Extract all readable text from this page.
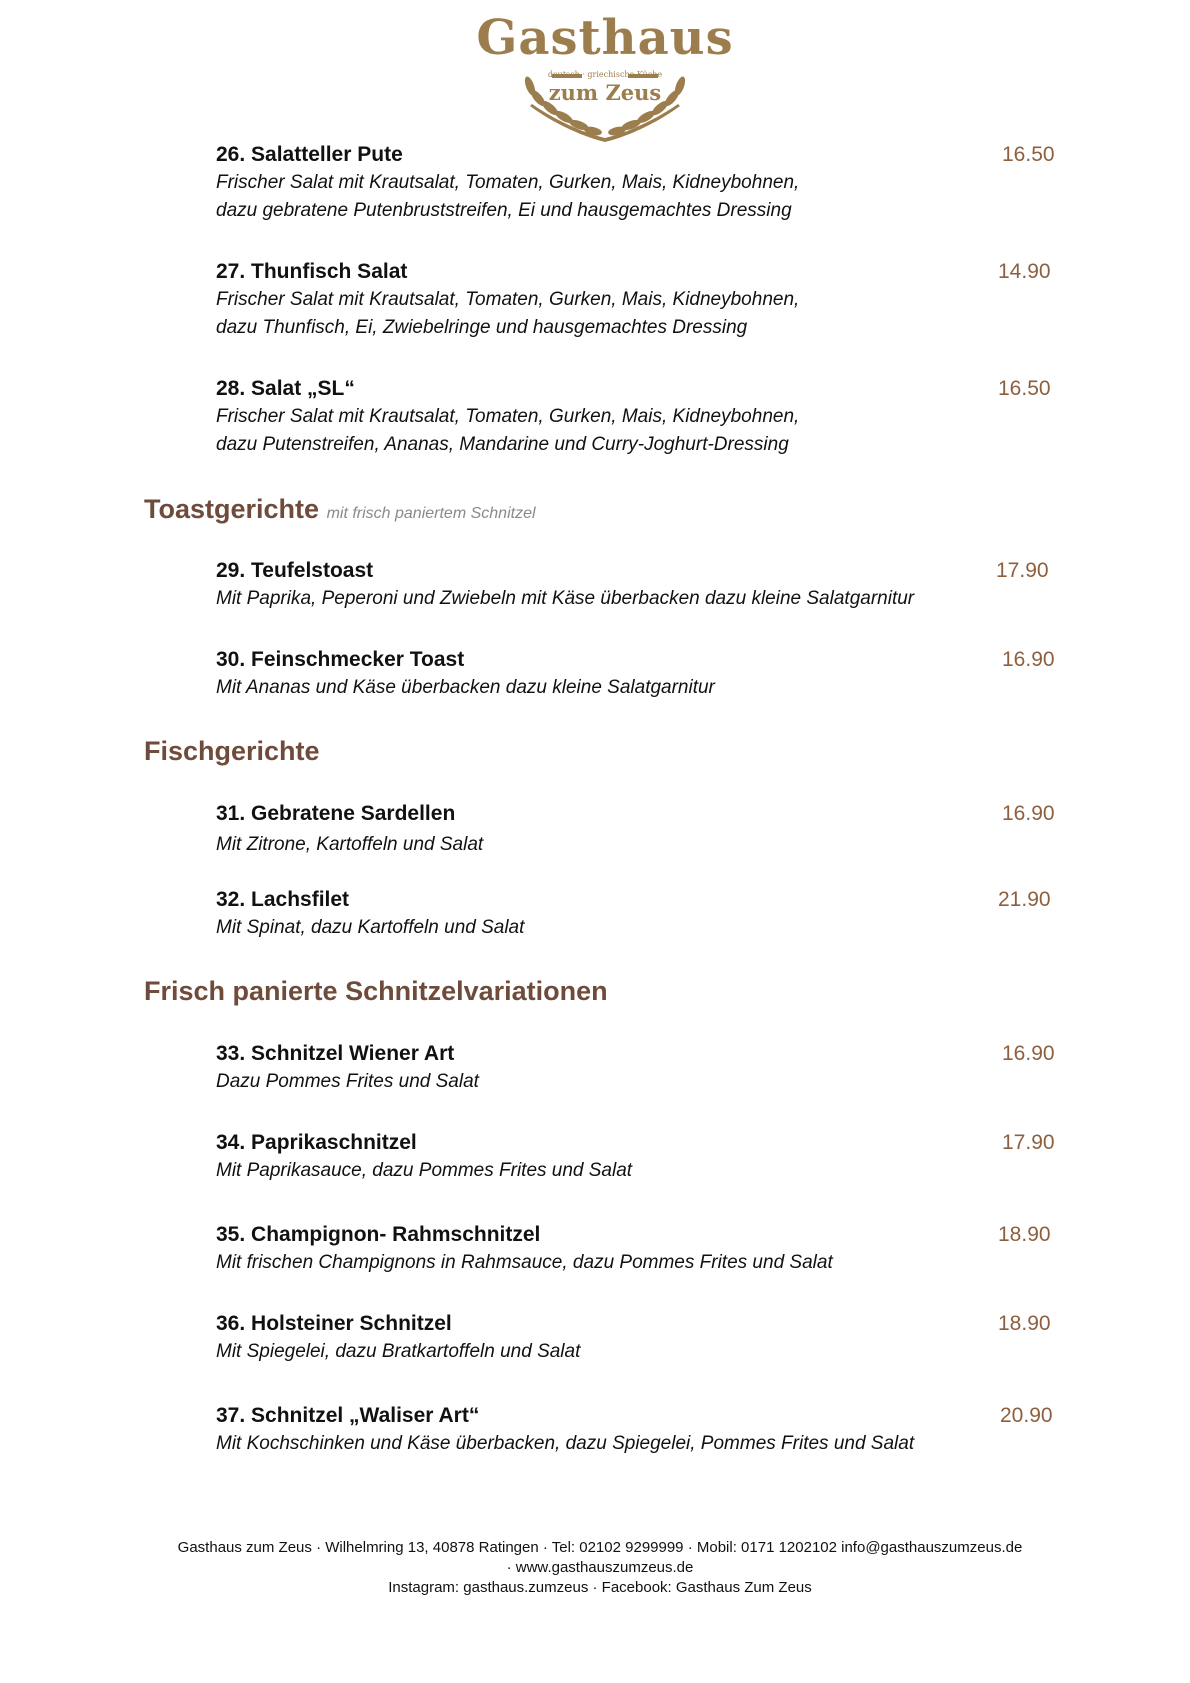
Gasthaus
deutsch · griechische Küche
zum Zeus
26. Salatteller Pute
Frischer Salat mit Krautsalat, Tomaten, Gurken, Mais, Kidneybohnen,
dazu gebratene Putenbruststreifen, Ei und hausgemachtes Dressing
16.50
27. Thunfisch Salat
Frischer Salat mit Krautsalat, Tomaten, Gurken, Mais, Kidneybohnen,
dazu Thunfisch, Ei, Zwiebelringe und hausgemachtes Dressing
14.90
28. Salat „SL“
Frischer Salat mit Krautsalat, Tomaten, Gurken, Mais, Kidneybohnen,
dazu Putenstreifen, Ananas, Mandarine und Curry-Joghurt-Dressing
16.50
Toastgerichte mit frisch paniertem Schnitzel
29. Teufelstoast
Mit Paprika, Peperoni und Zwiebeln mit Käse überbacken dazu kleine Salatgarnitur
17.90
30. Feinschmecker Toast
Mit Ananas und Käse überbacken dazu kleine Salatgarnitur
16.90
Fischgerichte
31. Gebratene Sardellen
Mit Zitrone, Kartoffeln und Salat
16.90
32. Lachsfilet
Mit Spinat, dazu Kartoffeln und Salat
21.90
Frisch panierte Schnitzelvariationen
33. Schnitzel Wiener Art
Dazu Pommes Frites und Salat
16.90
34. Paprikaschnitzel
Mit Paprikasauce, dazu Pommes Frites und Salat
17.90
35. Champignon- Rahmschnitzel
Mit frischen Champignons in Rahmsauce, dazu Pommes Frites und Salat
18.90
36. Holsteiner Schnitzel
Mit Spiegelei, dazu Bratkartoffeln und Salat
18.90
37. Schnitzel „Waliser Art“
Mit Kochschinken und Käse überbacken, dazu Spiegelei, Pommes Frites und Salat
20.90
Gasthaus zum Zeus · Wilhelmring 13, 40878 Ratingen · Tel: 02102 9299999 · Mobil: 0171 1202102 info@gasthauszumzeus.de
· www.gasthauszumzeus.de
Instagram: gasthaus.zumzeus · Facebook: Gasthaus Zum Zeus
